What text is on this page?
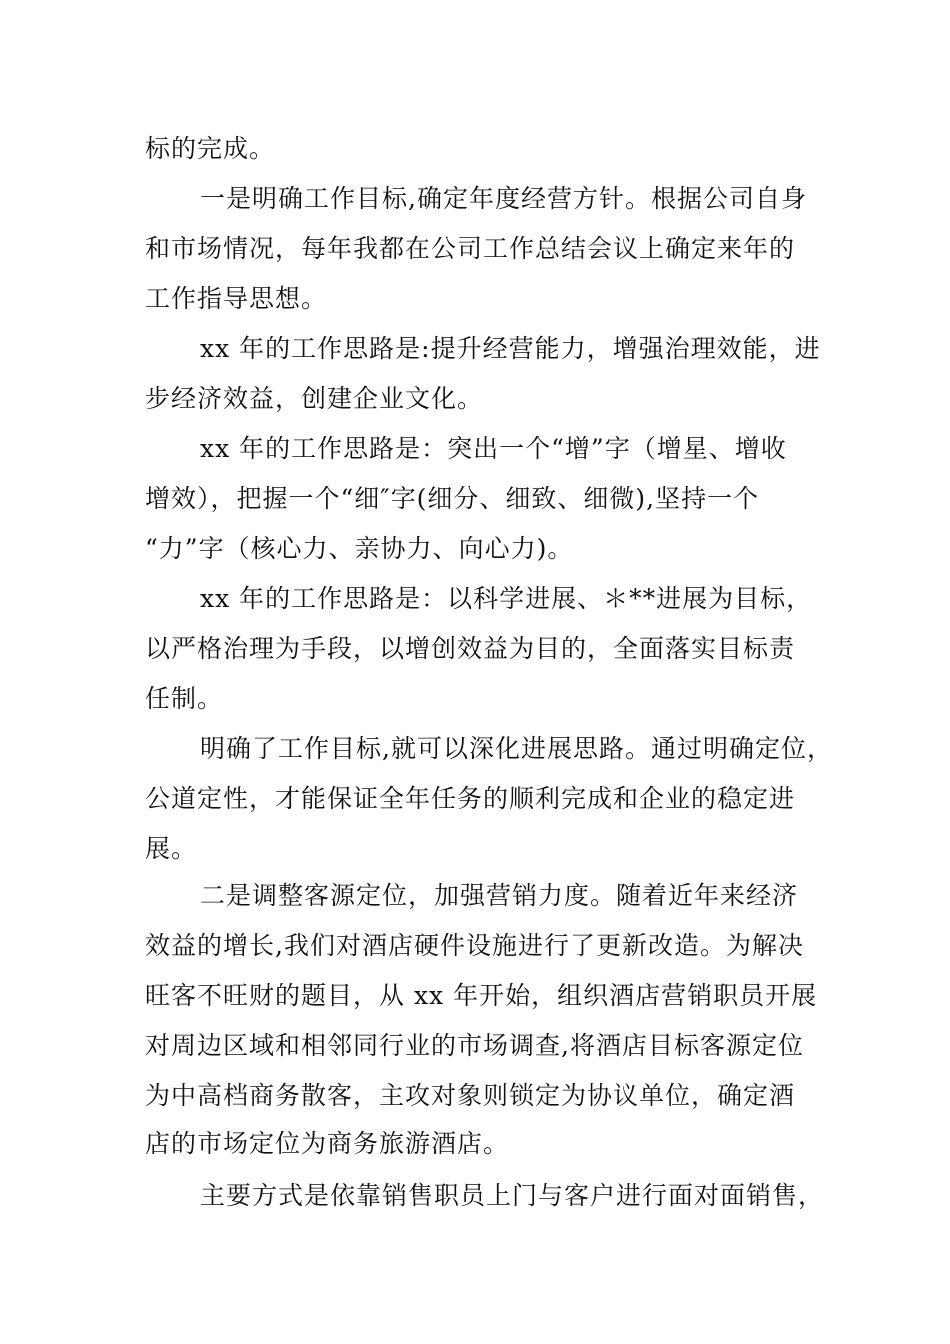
标的完成。
一是明确工作目标,确定年度经营方针。根据公司自身
和市场情况，每年我都在公司工作总结会议上确定来年的
工作指导思想。
xx 年的工作思路是:提升经营能力，增强治理效能，进
步经济效益，创建企业文化。
xx 年的工作思路是：突出一个“增”字（增星、增收
增效），把握一个“细″字(细分、细致、细微),坚持一个
“力”字（核心力、亲协力、向心力)。
xx 年的工作思路是：以科学进展、＊**进展为目标，
以严格治理为手段，以增创效益为目的，全面落实目标责
任制。
明确了工作目标,就可以深化进展思路。通过明确定位，
公道定性，才能保证全年任务的顺利完成和企业的稳定进
展。
二是调整客源定位，加强营销力度。随着近年来经济
效益的增长,我们对酒店硬件设施进行了更新改造。为解决
旺客不旺财的题目，从 xx 年开始，组织酒店营销职员开展
对周边区域和相邻同行业的市场调查,将酒店目标客源定位
为中高档商务散客，主攻对象则锁定为协议单位，确定酒
店的市场定位为商务旅游酒店。
主要方式是依靠销售职员上门与客户进行面对面销售，
